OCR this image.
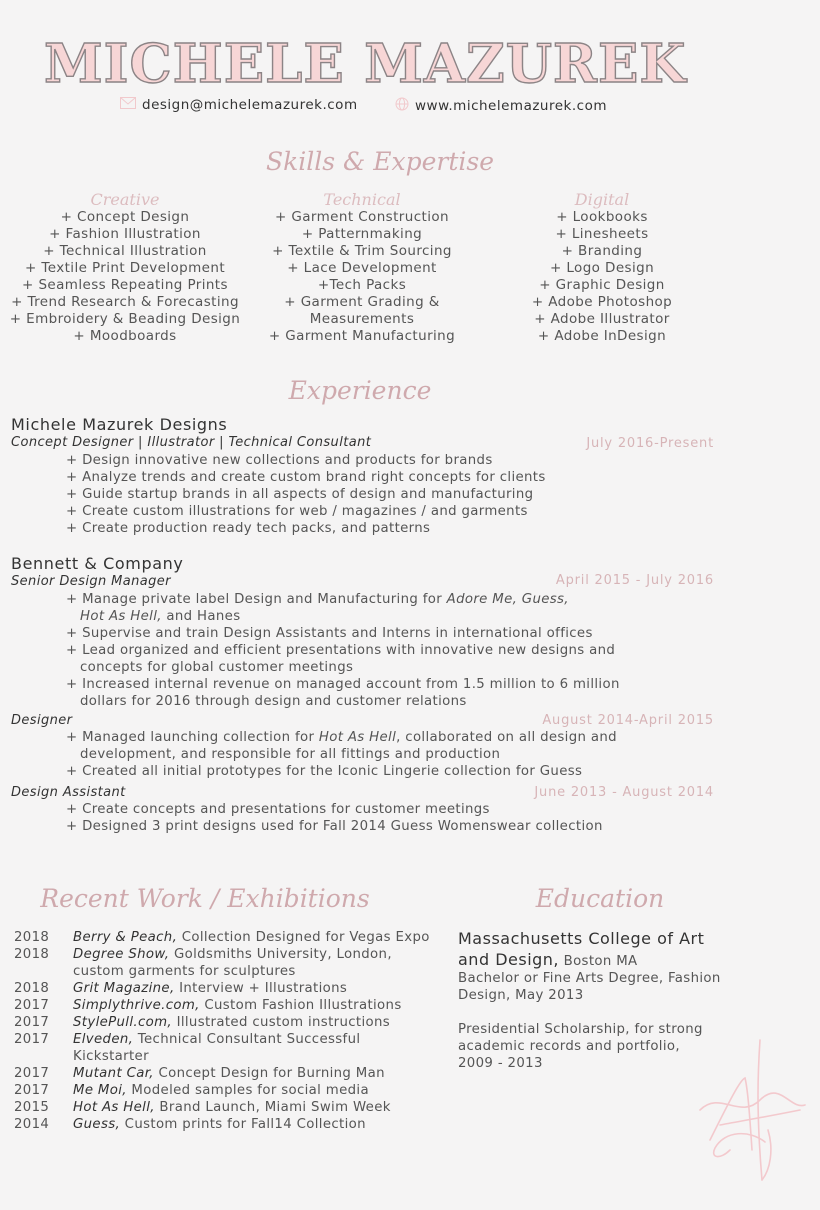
MICHELE MAZUREK
design@michelemazurek.com	www.michelemazurek.com
Skills & Expertise
Creative
+ Concept Design
+ Fashion Illustration
+ Technical Illustration
+ Textile Print Development
+ Seamless Repeating Prints
+ Trend Research & Forecasting
+ Embroidery & Beading Design
+ Moodboards
Technical
+ Garment Construction
+ Patternmaking
+ Textile & Trim Sourcing
+ Lace Development
+Tech Packs
+ Garment Grading &
Measurements
+ Garment Manufacturing
Digital
+ Lookbooks
+ Linesheets
+ Branding
+ Logo Design
+ Graphic Design
+ Adobe Photoshop
+ Adobe Illustrator
+ Adobe InDesign
Experience
Michele Mazurek Designs
Concept Designer | Illustrator | Technical Consultant	July 2016-Present
+ Design innovative new collections and products for brands
+ Analyze trends and create custom brand right concepts for clients
+ Guide startup brands in all aspects of design and manufacturing
+ Create custom illustrations for web / magazines / and garments
+ Create production ready tech packs, and patterns
Bennett & Company
Senior Design Manager	April 2015 - July 2016
+ Manage private label Design and Manufacturing for Adore Me, Guess,
Hot As Hell, and Hanes
+ Supervise and train Design Assistants and Interns in international offices
+ Lead organized and efficient presentations with innovative new designs and
concepts for global customer meetings
+ Increased internal revenue on managed account from 1.5 million to 6 million
dollars for 2016 through design and customer relations
Designer	August 2014-April 2015
+ Managed launching collection for Hot As Hell, collaborated on all design and
development, and responsible for all fittings and production
+ Created all initial prototypes for the Iconic Lingerie collection for Guess
Design Assistant	June 2013 - August 2014
+ Create concepts and presentations for customer meetings
+ Designed 3 print designs used for Fall 2014 Guess Womenswear collection
Recent Work / Exhibitions
2018	Berry & Peach, Collection Designed for Vegas Expo
2018	Degree Show, Goldsmiths University, London,
custom garments for sculptures
2018	Grit Magazine, Interview + Illustrations
2017	Simplythrive.com, Custom Fashion Illustrations
2017	StylePull.com, Illustrated custom instructions
2017	Elveden, Technical Consultant Successful
Kickstarter
2017	Mutant Car, Concept Design for Burning Man
2017	Me Moi, Modeled samples for social media
2015	Hot As Hell, Brand Launch, Miami Swim Week
2014	Guess, Custom prints for Fall14 Collection
Education
Massachusetts College of Art
and Design, Boston MA
Bachelor or Fine Arts Degree, Fashion
Design, May 2013
Presidential Scholarship, for strong
academic records and portfolio,
2009 - 2013
